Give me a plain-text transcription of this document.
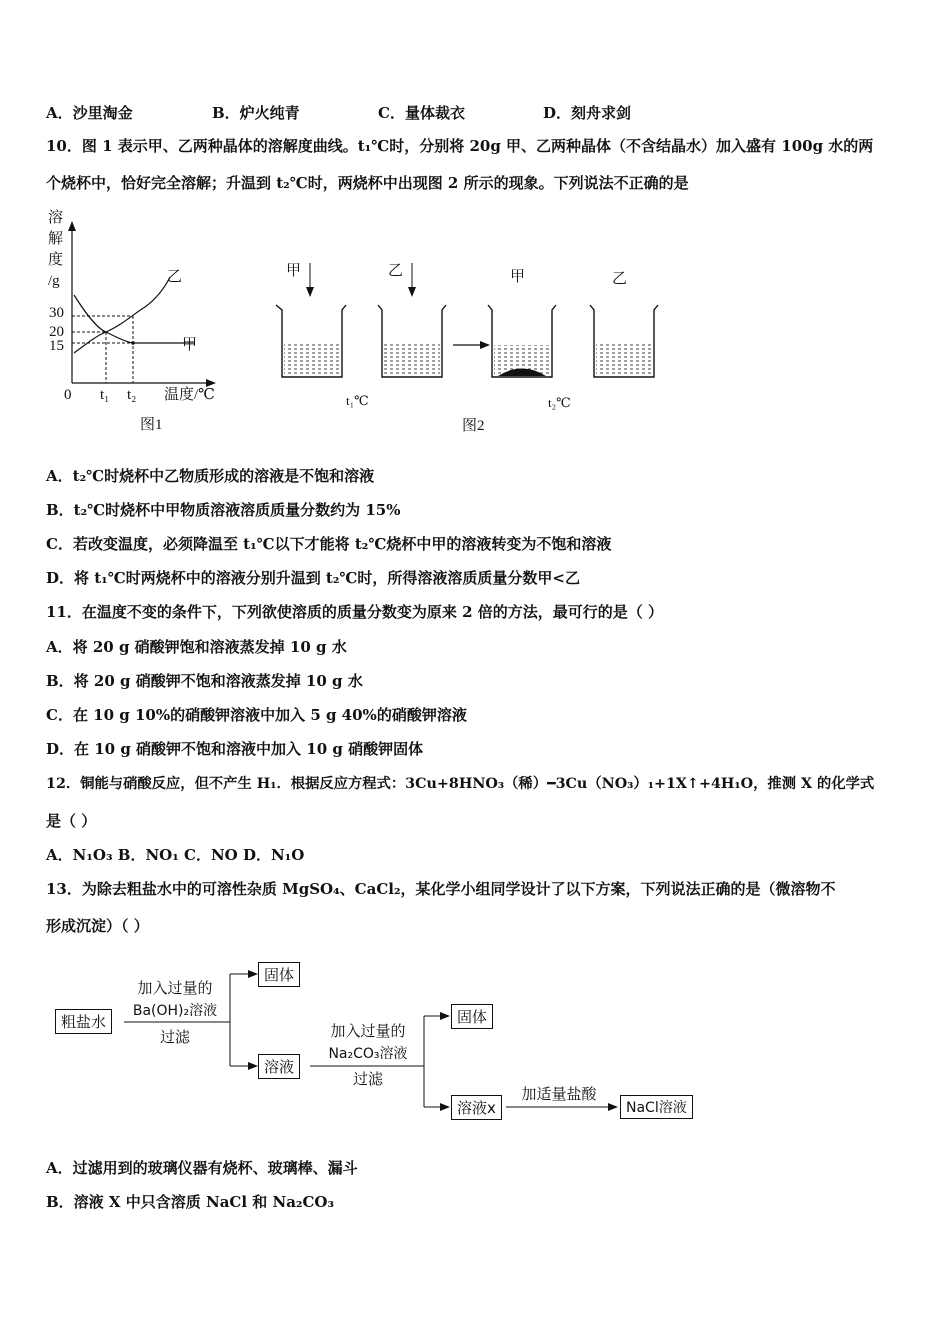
A．沙里淘金	B．炉火纯青	C．量体裁衣	D．刻舟求剑
10．图 1 表示甲、乙两种晶体的溶解度曲线。t₁℃时，分别将 20g 甲、乙两种晶体（不含结晶水）加入盛有 100g 水的两
个烧杯中，恰好完全溶解；升温到 t₂℃时，两烧杯中出现图 2 所示的现象。下列说法不正确的是
溶
解
度
/g
30
20
15
乙
甲
0 t₁ t₂ 温度/℃
图1
甲	乙	甲	乙
t₁℃	t₂℃
图2
A．t₂℃时烧杯中乙物质形成的溶液是不饱和溶液
B．t₂℃时烧杯中甲物质溶液溶质质量分数约为 15%
C．若改变温度，必须降温至 t₁℃以下才能将 t₂℃烧杯中甲的溶液转变为不饱和溶液
D．将 t₁℃时两烧杯中的溶液分别升温到 t₂℃时，所得溶液溶质质量分数甲<乙
11．在温度不变的条件下，下列欲使溶质的质量分数变为原来 2 倍的方法，最可行的是（ ）
A．将 20 g 硝酸钾饱和溶液蒸发掉 10 g 水
B．将 20 g 硝酸钾不饱和溶液蒸发掉 10 g 水
C．在 10 g 10%的硝酸钾溶液中加入 5 g 40%的硝酸钾溶液
D．在 10 g 硝酸钾不饱和溶液中加入 10 g 硝酸钾固体
12．铜能与硝酸反应，但不产生 H₁．根据反应方程式：3Cu+8HNO₃（稀）━3Cu（NO₃）₁+1X↑+4H₁O，推测 X 的化学式
是（ ）
A．N₁O₃ B．NO₁ C．NO D．N₁O
13．为除去粗盐水中的可溶性杂质 MgSO₄、CaCl₂，某化学小组同学设计了以下方案，下列说法正确的是（微溶物不
形成沉淀）（ ）
粗盐水
加入过量的
Ba(OH)₂溶液
过滤
固体
溶液
加入过量的
Na₂CO₃溶液
过滤
固体
溶液x
加适量盐酸
NaCl溶液
A．过滤用到的玻璃仪器有烧杯、玻璃棒、漏斗
B．溶液 X 中只含溶质 NaCl 和 Na₂CO₃
